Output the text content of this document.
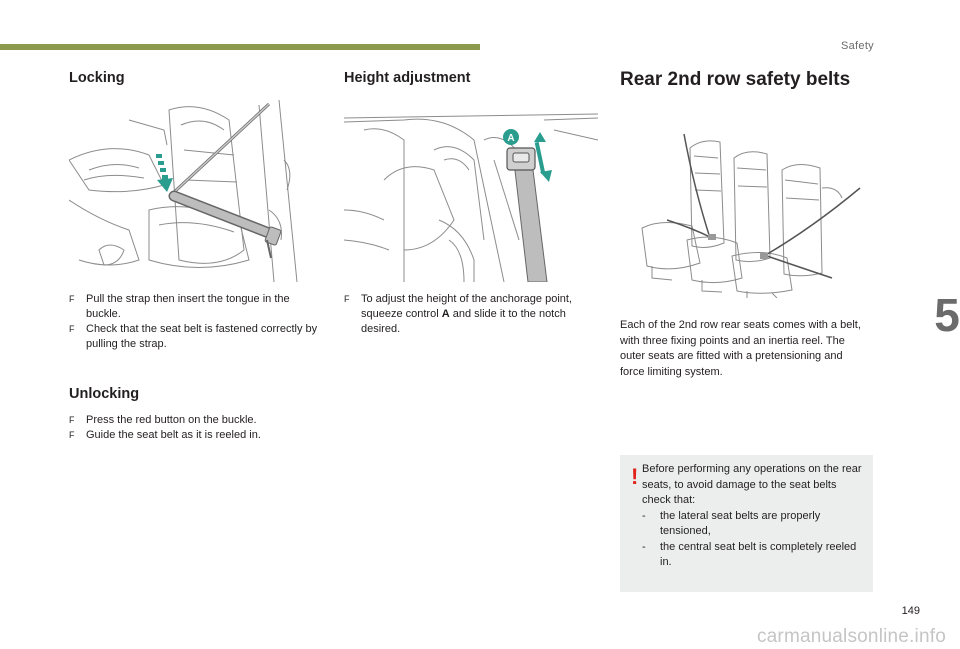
Safety
Locking

F Pull the strap then insert the tongue in the buckle.

F Check that the seat belt is fastened correctly by pulling the strap.

Unlocking

F Press the red button on the buckle.

F Guide the seat belt as it is reeled in.

Height adjustment
A

F To adjust the height of the anchorage point, squeeze control A and slide it to the notch desired.

Rear 2nd row safety belts

Each of the 2nd row rear seats comes with a belt, with three fixing points and an inertia reel. The outer seats are fitted with a pretensioning and force limiting system.

! Before performing any operations on the rear seats, to avoid damage to the seat belts check that:

- the lateral seat belts are properly tensioned,

- the central seat belt is completely reeled in.

5
149
carmanualsonline.info
